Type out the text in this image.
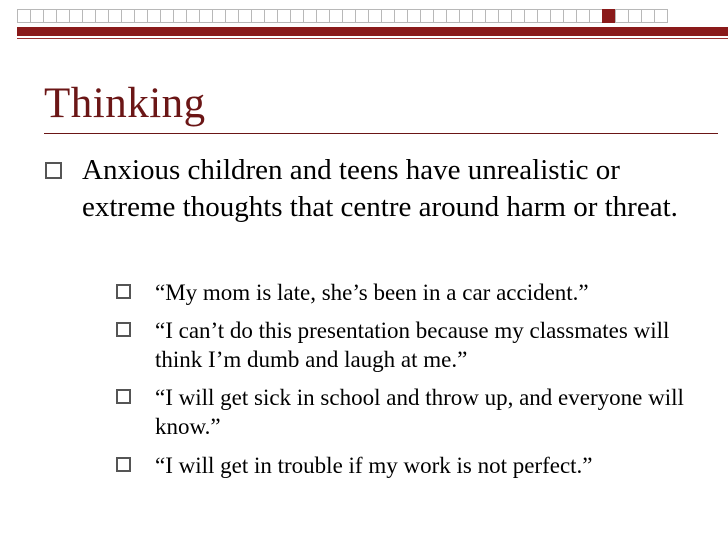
Thinking
Anxious children and teens have unrealistic or extreme thoughts that centre around harm or threat.
“My mom is late, she’s been in a car accident.”
“I can’t do this presentation because my classmates will think I’m dumb and laugh at me.”
“I will get sick in school and throw up, and everyone will know.”
“I will get in trouble if my work is not perfect.”
